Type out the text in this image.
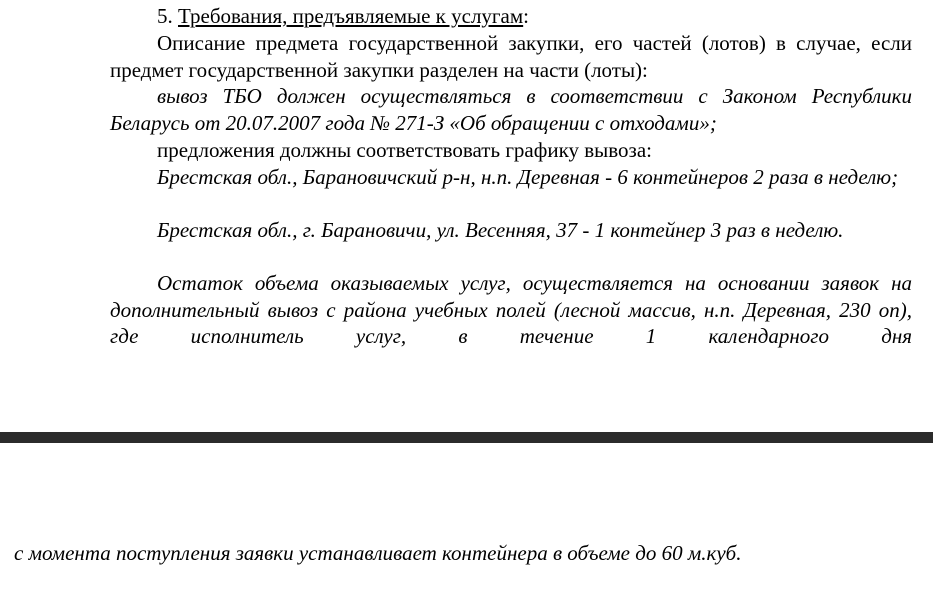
5. Требования, предъявляемые к услугам:
Описание предмета государственной закупки, его частей (лотов) в случае, если предмет государственной закупки разделен на части (лоты):
вывоз ТБО должен осуществляться в соответствии с Законом Республики Беларусь от 20.07.2007 года № 271-З «Об обращении с отходами»;
предложения должны соответствовать графику вывоза:
Брестская обл., Барановичский р-н, н.п. Деревная - 6 контейнеров 2 раза в неделю;
Брестская обл., г. Барановичи, ул. Весенняя, 37 - 1 контейнер 3 раз в неделю.
Остаток объема оказываемых услуг, осуществляется на основании заявок на дополнительный вывоз с района учебных полей (лесной массив, н.п. Деревная, 230 оп), где исполнитель услуг, в течение 1 календарного дня
с момента поступления заявки устанавливает контейнера в объеме до 60 м.куб.
